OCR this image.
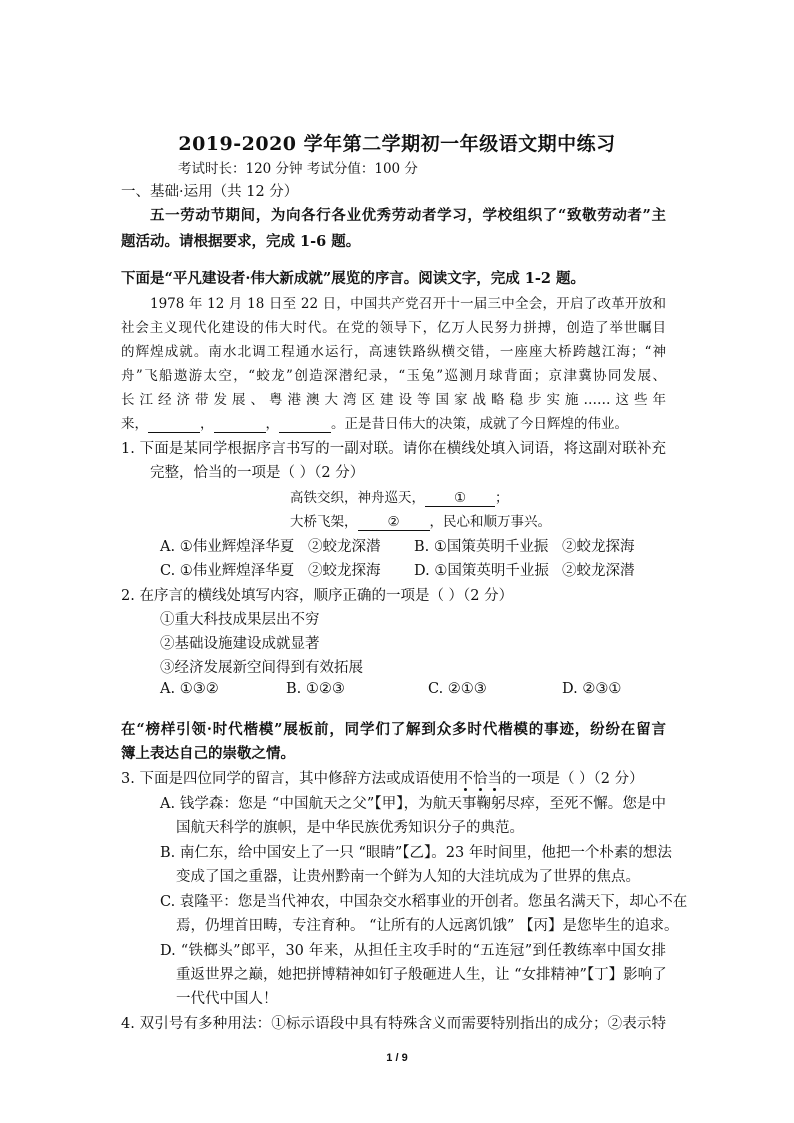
2019-2020 学年第二学期初一年级语文期中练习
考试时长：120 分钟 考试分值：100 分
一、基础·运用（共 12 分）
五一劳动节期间，为向各行各业优秀劳动者学习，学校组织了“致敬劳动者”主
题活动。请根据要求，完成 1-6 题。
下面是“平凡建设者·伟大新成就”展览的序言。阅读文字，完成 1-2 题。
1978 年 12 月 18 日至 22 日，中国共产党召开十一届三中全会，开启了改革开放和
社会主义现代化建设的伟大时代。在党的领导下，亿万人民努力拼搏，创造了举世瞩目
的辉煌成就。南水北调工程通水运行，高速铁路纵横交错，一座座大桥跨越江海；“神
舟”飞船遨游太空，“蛟龙”创造深潜纪录，“玉兔”巡测月球背面；京津冀协同发展、
长江经济带发展、粤港澳大湾区建设等国家战略稳步实施……这些年
来，	，	，	。正是昔日伟大的决策，成就了今日辉煌的伟业。
1. 下面是某同学根据序言书写的一副对联。请你在横线处填入词语，将这副对联补充
完整，恰当的一项是（ ）（2 分）
高铁交织，神舟巡天， ① ；
大桥飞架， ② ，民心和顺万事兴。
A. ①伟业辉煌泽华夏 ②蛟龙深潜 B. ①国策英明千业振 ②蛟龙探海
C. ①伟业辉煌泽华夏 ②蛟龙探海 D. ①国策英明千业振 ②蛟龙深潜
2. 在序言的横线处填写内容，顺序正确的一项是（ ）（2 分）
①重大科技成果层出不穷
②基础设施建设成就显著
③经济发展新空间得到有效拓展
A. ①③②	B. ①②③	C. ②①③	D. ②③①
在“榜样引领·时代楷模”展板前，同学们了解到众多时代楷模的事迹，纷纷在留言
簿上表达自己的崇敬之情。
3. 下面是四位同学的留言，其中修辞方法或成语使用不恰当的一项是（ ）（2 分）
A. 钱学森：您是 “中国航天之父”【甲】，为航天事鞠躬尽瘁，至死不懈。您是中
国航天科学的旗帜，是中华民族优秀知识分子的典范。
B. 南仁东，给中国安上了一只 “眼睛”【乙】。23 年时间里，他把一个朴素的想法
变成了国之重器，让贵州黔南一个鲜为人知的大洼坑成为了世界的焦点。
C. 袁隆平：您是当代神农，中国杂交水稻事业的开创者。您虽名满天下，却心不在
焉，仍埋首田畴，专注育种。 “让所有的人远离饥饿” 【丙】是您毕生的追求。
D. “铁榔头”郎平，30 年来，从担任主攻手时的“五连冠”到任教练率中国女排
重返世界之巅，她把拼博精神如钉子般砸进人生，让 “女排精神”【丁】影响了
一代代中国人！
4. 双引号有多种用法：①标示语段中具有特殊含义而需要特别指出的成分；②表示特
1 / 9
